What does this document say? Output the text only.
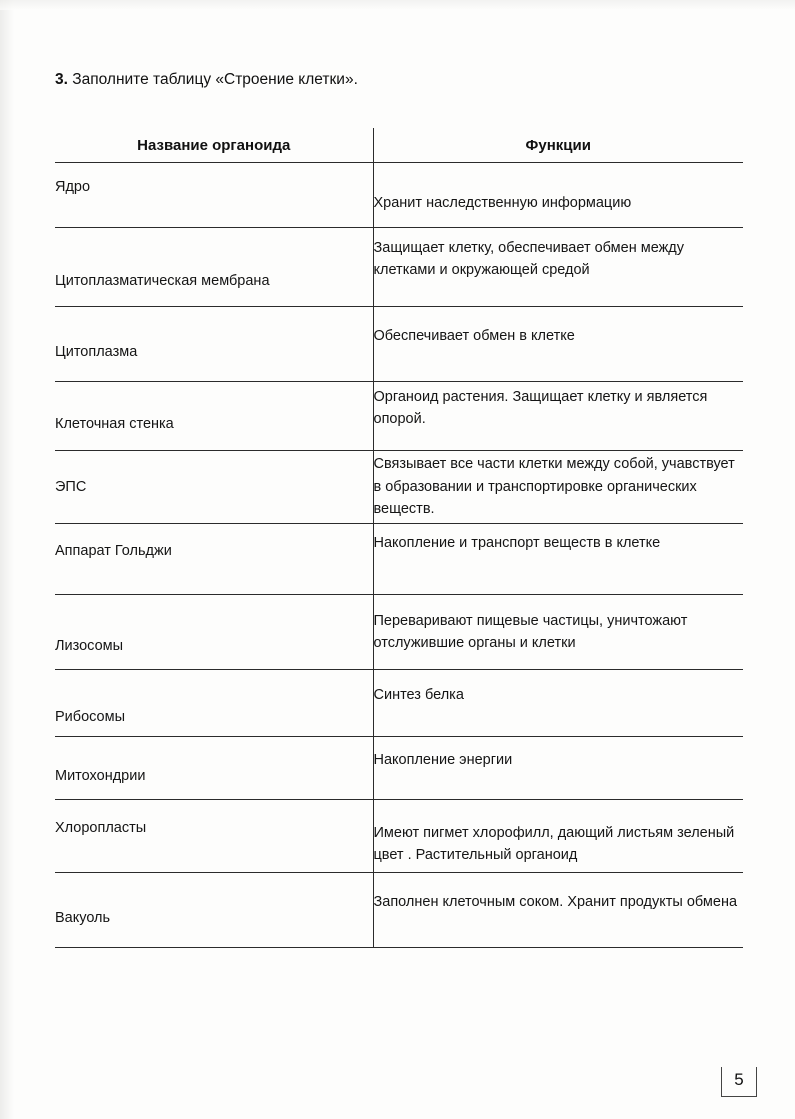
3. Заполните таблицу «Строение клетки».
Название органоида	Функции

Ядро	Хранит наследственную информацию

Цитоплазматическая мембрана	Защищает клетку, обеспечивает обмен между клетками и окружающей средой

Цитоплазма	Обеспечивает обмен в клетке

Клеточная стенка	Органоид растения. Защищает клетку и является опорой.

ЭПС	Связывает все части клетки между собой, учавствует в образовании и транспортировке органических веществ.

Аппарат Гольджи	Накопление и транспорт веществ в клетке

Лизосомы	Переваривают пищевые частицы, уничтожают отслужившие органы и клетки

Рибосомы	Синтез белка

Митохондрии	Накопление энергии

Хлоропласты	Имеют пигмет хлорофилл, дающий листьям зеленый цвет . Растительный органоид

Вакуоль	Заполнен клеточным соком. Хранит продукты обмена
5
